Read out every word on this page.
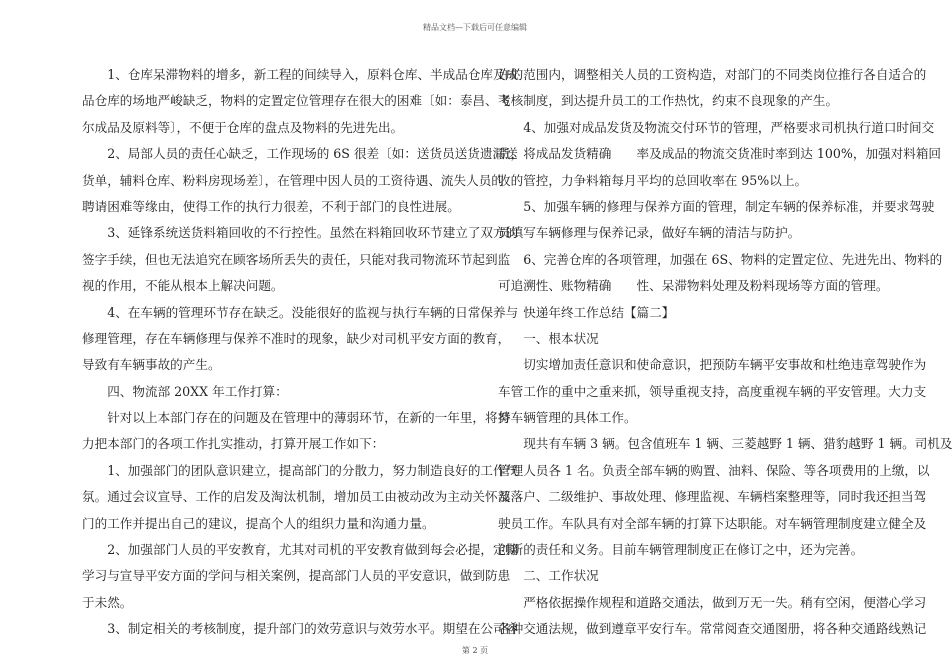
精品文档—下载后可任意编辑
　　1、仓库呆滞物料的增多，新工程的间续导入，原料仓库、半成品仓库及成
品仓库的场地严峻缺乏，物料的定置定位管理存在很大的困难〔如：泰昌、飞
尔成品及原料等〕，不便于仓库的盘点及物料的先进先出。
　　2、局部人员的责任心缺乏，工作现场的 6S 很差〔如：送货员送货遗漏送
货单，辅料仓库、粉料房现场差〕，在管理中因人员的工资待遇、流失人员的
聘请困难等缘由，使得工作的执行力很差，不利于部门的良性进展。
　　3、延锋系统送货料箱回收的不行控性。虽然在料箱回收环节建立了双方的
签字手续，但也无法追究在顾客场所丢失的责任，只能对我司物流环节起到监
视的作用，不能从根本上解决问题。
　　4、在车辆的管理环节存在缺乏。没能很好的监视与执行车辆的日常保养与
修理管理，存在车辆修理与保养不准时的现象，缺少对司机平安方面的教育，
导致有车辆事故的产生。
　　四、物流部 20XX 年工作打算：
　　针对以上本部门存在的问题及在管理中的薄弱环节，在新的一年里，将努
力把本部门的各项工作扎实推动，打算开展工作如下：
　　1、加强部门的团队意识建立，提高部门的分散力，努力制造良好的工作气
氛。通过会议宣导、工作的启发及淘汰机制，增加员工由被动改为主动关怀部
门的工作并提出自己的建议，提高个人的组织力量和沟通力量。
　　2、加强部门人员的平安教育，尤其对司机的平安教育做到每会必提，定期
学习与宣导平安方面的学问与相关案例，提高部门人员的平安意识，做到防患
于未然。
　　3、制定相关的考核制度，提升部门的效劳意识与效劳水平。期望在公司容
许的范围内，调整相关人员的工资构造，对部门的不同类岗位推行各自适合的
考核制度，到达提升员工的工作热忱，约束不良现象的产生。
　　4、加强对成品发货及物流交付环节的管理，严格要求司机执行道口时间交
货，将成品发货精确　　率及成品的物流交货准时率到达 100%，加强对料箱回
收的管控，力争料箱每月平均的总回收率在 95%以上。
　　5、加强车辆的修理与保养方面的管理，制定车辆的保养标准，并要求驾驶
员填写车辆修理与保养记录，做好车辆的清洁与防护。
　　6、完善仓库的各项管理，加强在 6S、物料的定置定位、先进先出、物料的
可追溯性、账物精确　　性、呆滞物料处理及粉料现场等方面的管理。
　　快递年终工作总结【篇二】
　　一、根本状况
　　切实增加责任意识和使命意识，把预防车辆平安事故和杜绝违章驾驶作为
车管工作的重中之重来抓，领导重视支持，高度重视车辆的平安管理。大力支
持车辆管理的具体工作。
　　现共有车辆 3 辆。包含值班车 1 辆、三菱越野 1 辆、猎豹越野 1 辆。司机及
管理人员各 1 名。负责全部车辆的购置、油料、保险、等各项费用的上缴，以
及落户、二级维护、事故处理、修理监视、车辆档案整理等，同时我还担当驾
驶员工作。车队具有对全部车辆的打算下达职能。对车辆管理制度建立健全及
创新的责任和义务。目前车辆管理制度正在修订之中，还为完善。
　　二、工作状况
　　严格依据操作规程和道路交通法，做到万无一失。稍有空闲，便潜心学习
各种交通法规，做到遵章平安行车。常常阅查交通图册，将各种交通路线熟记
第 2 页
